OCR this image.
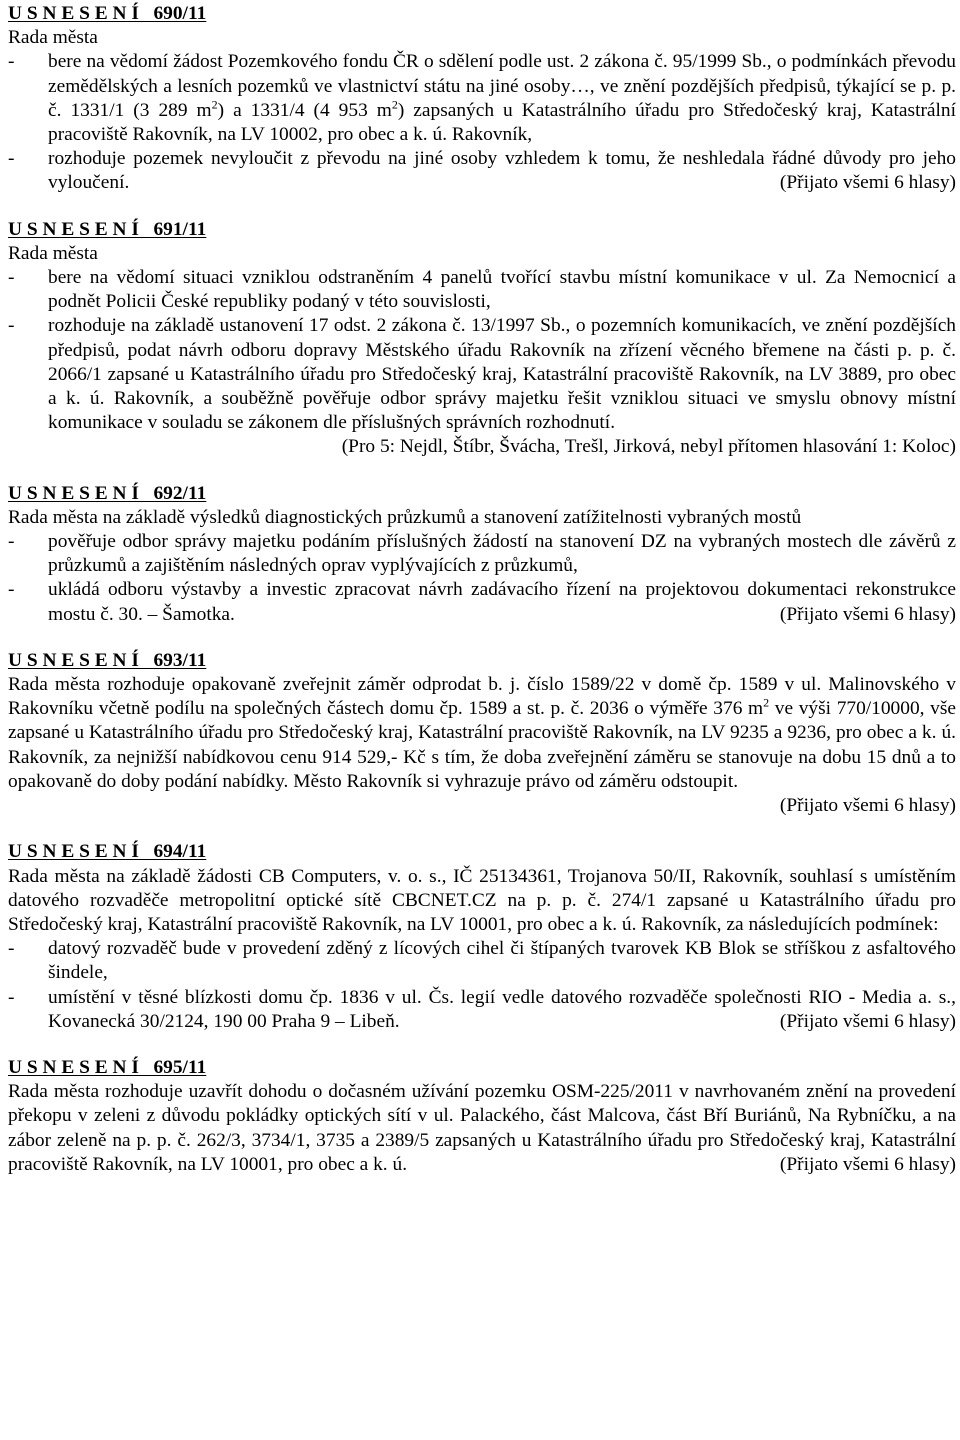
U S N E S E N Í   690/11

Rada města

- bere na vědomí žádost Pozemkového fondu ČR o sdělení podle ust. 2 zákona č. 95/1999 Sb., o podmínkách převodu zemědělských a lesních pozemků ve vlastnictví státu na jiné osoby…, ve znění pozdějších předpisů, týkající se p. p. č. 1331/1 (3 289 $m^2$) a 1331/4 (4 953 $m^2$) zapsaných u Katastrálního úřadu pro Středočeský kraj, Katastrální pracoviště Rakovník, na LV 10002, pro obec a k. ú. Rakovník,
- rozhoduje pozemek nevyloučit z převodu na jiné osoby vzhledem k tomu, že neshledala řádné důvody pro jeho vyloučení.	(Přijato všemi 6 hlasy)

U S N E S E N Í   691/11

Rada města

- bere na vědomí situaci vzniklou odstraněním 4 panelů tvořící stavbu místní komunikace v ul. Za Nemocnicí a podnět Policii České republiky podaný v této souvislosti,
- rozhoduje na základě ustanovení 17 odst. 2 zákona č. 13/1997 Sb., o pozemních komunikacích, ve znění pozdějších předpisů, podat návrh odboru dopravy Městského úřadu Rakovník na zřízení věcného břemene na části p. p. č. 2066/1 zapsané u Katastrálního úřadu pro Středočeský kraj, Katastrální pracoviště Rakovník, na LV 3889, pro obec a k. ú. Rakovník, a souběžně pověřuje odbor správy majetku řešit vzniklou situaci ve smyslu obnovy místní komunikace v souladu se zákonem dle příslušných správních rozhodnutí.

(Pro 5: Nejdl, Štíbr, Švácha, Trešl, Jirková, nebyl přítomen hlasování 1: Koloc)

U S N E S E N Í   692/11

Rada města na základě výsledků diagnostických průzkumů a stanovení zatížitelnosti vybraných mostů

- pověřuje odbor správy majetku podáním příslušných žádostí na stanovení DZ na vybraných mostech dle závěrů z průzkumů a zajištěním následných oprav vyplývajících z průzkumů,
- ukládá odboru výstavby a investic zpracovat návrh zadávacího řízení na projektovou dokumentaci rekonstrukce mostu č. 30. – Šamotka.	(Přijato všemi 6 hlasy)

U S N E S E N Í   693/11

Rada města rozhoduje opakovaně zveřejnit záměr odprodat b. j. číslo 1589/22 v domě čp. 1589 v ul. Malinovského v Rakovníku včetně podílu na společných částech domu čp. 1589 a st. p. č. 2036 o výměře 376 $m^2$ ve výši 770/10000, vše zapsané u Katastrálního úřadu pro Středočeský kraj, Katastrální pracoviště Rakovník, na LV 9235 a 9236, pro obec a k. ú. Rakovník, za nejnižší nabídkovou cenu 914 529,- Kč s tím, že doba zveřejnění záměru se stanovuje na dobu 15 dnů a to opakovaně do doby podání nabídky. Město Rakovník si vyhrazuje právo od záměru odstoupit.

(Přijato všemi 6 hlasy)

U S N E S E N Í   694/11

Rada města na základě žádosti CB Computers, v. o. s., IČ 25134361, Trojanova 50/II, Rakovník, souhlasí s umístěním datového rozvaděče metropolitní optické sítě CBCNET.CZ na p. p. č. 274/1 zapsané u Katastrálního úřadu pro Středočeský kraj, Katastrální pracoviště Rakovník, na LV 10001, pro obec a k. ú. Rakovník, za následujících podmínek:

- datový rozvaděč bude v provedení zděný z lícových cihel či štípaných tvarovek KB Blok se stříškou z asfaltového šindele,
- umístění v těsné blízkosti domu čp. 1836 v ul. Čs. legií vedle datového rozvaděče společnosti RIO - Media a. s., Kovanecká 30/2124, 190 00 Praha 9 – Libeň.	(Přijato všemi 6 hlasy)

U S N E S E N Í   695/11

Rada města rozhoduje uzavřít dohodu o dočasném užívání pozemku OSM-225/2011 v navrhovaném znění na provedení překopu v zeleni z důvodu pokládky optických sítí v ul. Palackého, část Malcova, část Bří Buriánů, Na Rybníčku, a na zábor zeleně na p. p. č. 262/3, 3734/1, 3735 a 2389/5 zapsaných u Katastrálního úřadu pro Středočeský kraj, Katastrální pracoviště Rakovník, na LV 10001, pro obec a k. ú.	(Přijato všemi 6 hlasy)
